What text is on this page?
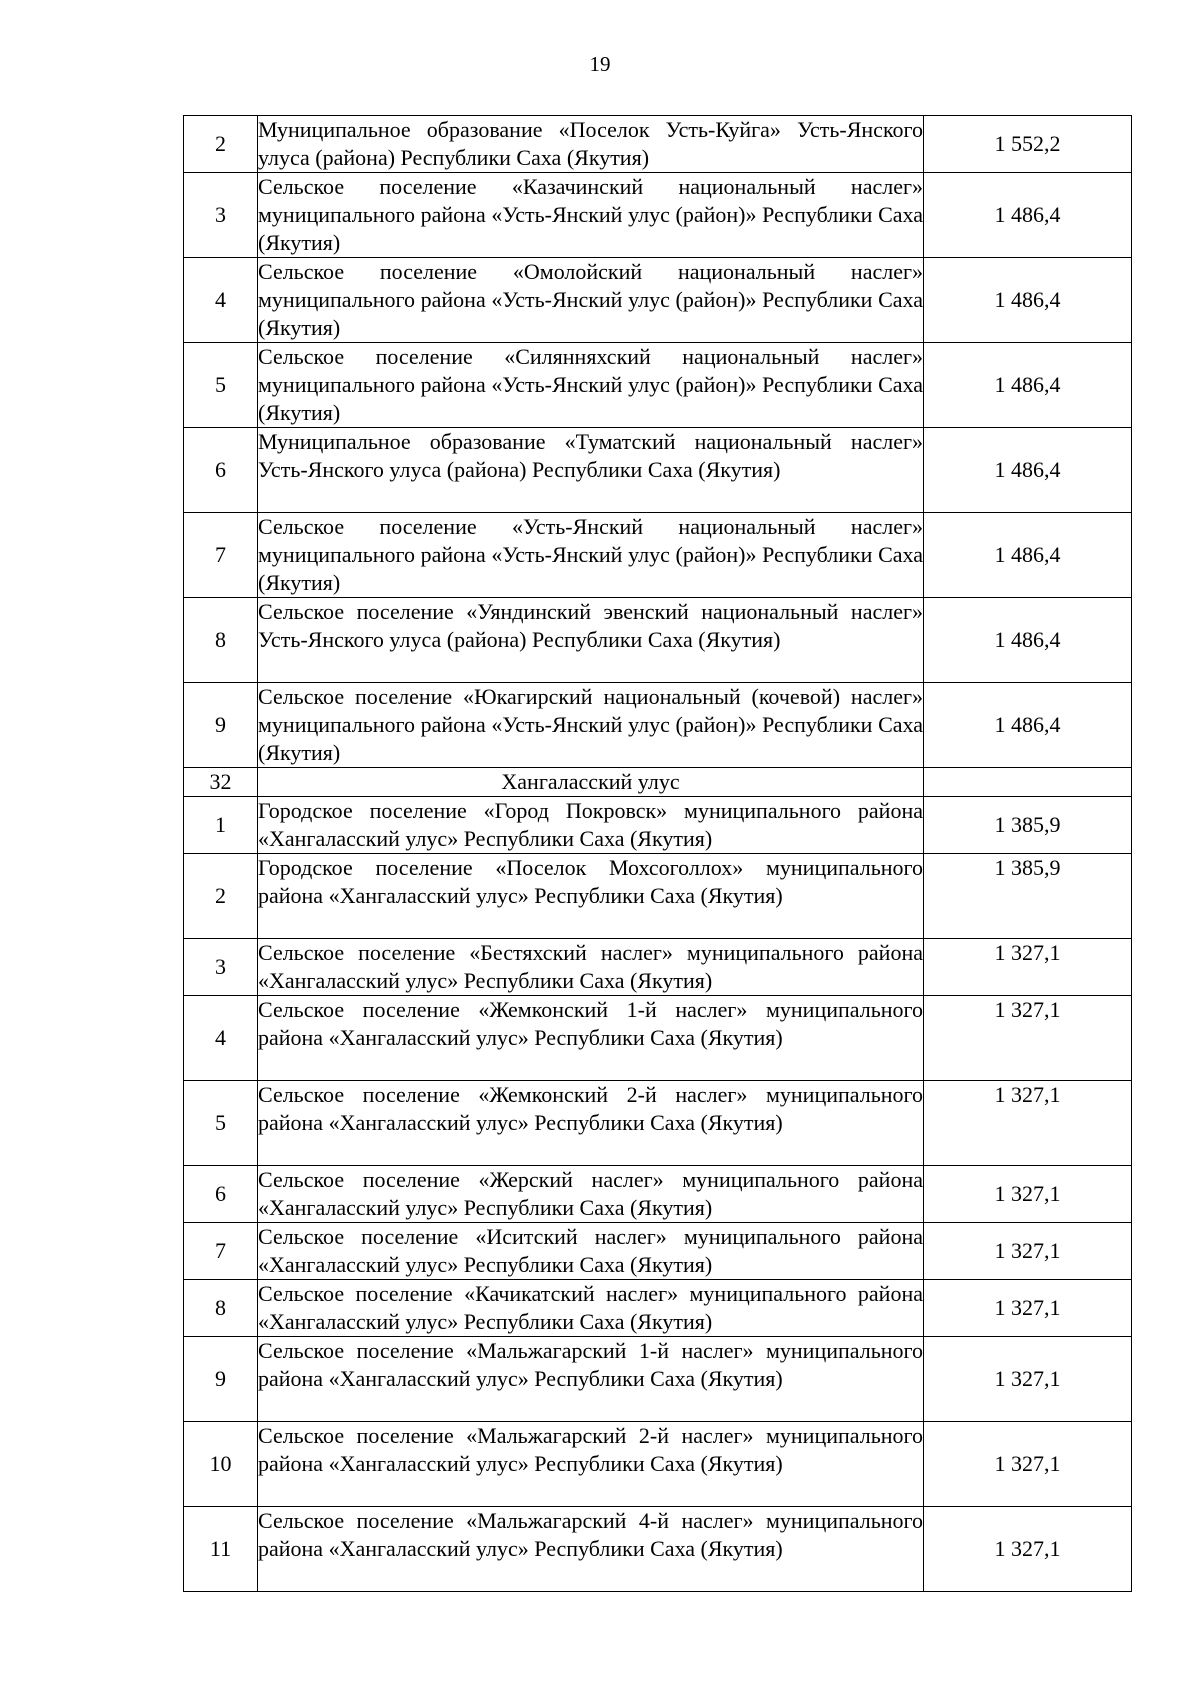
19
2	Муниципальное образование «Поселок Усть-Куйга» Усть-Янского улуса (района) Республики Саха (Якутия)	1 552,2
3	Сельское поселение «Казачинский национальный наслег» муниципального района «Усть-Янский улус (район)» Республики Саха (Якутия)	1 486,4
4	Сельское поселение «Омолойский национальный наслег» муниципального района «Усть-Янский улус (район)» Республики Саха (Якутия)	1 486,4
5	Сельское поселение «Силянняхский национальный наслег» муниципального района «Усть-Янский улус (район)» Республики Саха (Якутия)	1 486,4
6	Муниципальное образование «Туматский национальный наслег» Усть-Янского улуса (района) Республики Саха (Якутия)	1 486,4
7	Сельское поселение «Усть-Янский национальный наслег» муниципального района «Усть-Янский улус (район)» Республики Саха (Якутия)	1 486,4
8	Сельское поселение «Уяндинский эвенский национальный наслег» Усть-Янского улуса (района) Республики Саха (Якутия)	1 486,4
9	Сельское поселение «Юкагирский национальный (кочевой) наслег» муниципального района «Усть-Янский улус (район)» Республики Саха (Якутия)	1 486,4
32	Хангаласский улус	
1	Городское поселение «Город Покровск» муниципального района «Хангаласский улус» Республики Саха (Якутия)	1 385,9
2	Городское поселение «Поселок Мохсоголлох» муниципального района «Хангаласский улус» Республики Саха (Якутия)	1 385,9
3	Сельское поселение «Бестяхский наслег» муниципального района «Хангаласский улус» Республики Саха (Якутия)	1 327,1
4	Сельское поселение «Жемконский 1-й наслег» муниципального района «Хангаласский улус» Республики Саха (Якутия)	1 327,1
5	Сельское поселение «Жемконский 2-й наслег» муниципального района «Хангаласский улус» Республики Саха (Якутия)	1 327,1
6	Сельское поселение «Жерский наслег» муниципального района «Хангаласский улус» Республики Саха (Якутия)	1 327,1
7	Сельское поселение «Иситский наслег» муниципального района «Хангаласский улус» Республики Саха (Якутия)	1 327,1
8	Сельское поселение «Качикатский наслег» муниципального района «Хангаласский улус» Республики Саха (Якутия)	1 327,1
9	Сельское поселение «Мальжагарский 1-й наслег» муниципального района «Хангаласский улус» Республики Саха (Якутия)	1 327,1
10	Сельское поселение «Мальжагарский 2-й наслег» муниципального района «Хангаласский улус» Республики Саха (Якутия)	1 327,1
11	Сельское поселение «Мальжагарский 4-й наслег» муниципального района «Хангаласский улус» Республики Саха (Якутия)	1 327,1
